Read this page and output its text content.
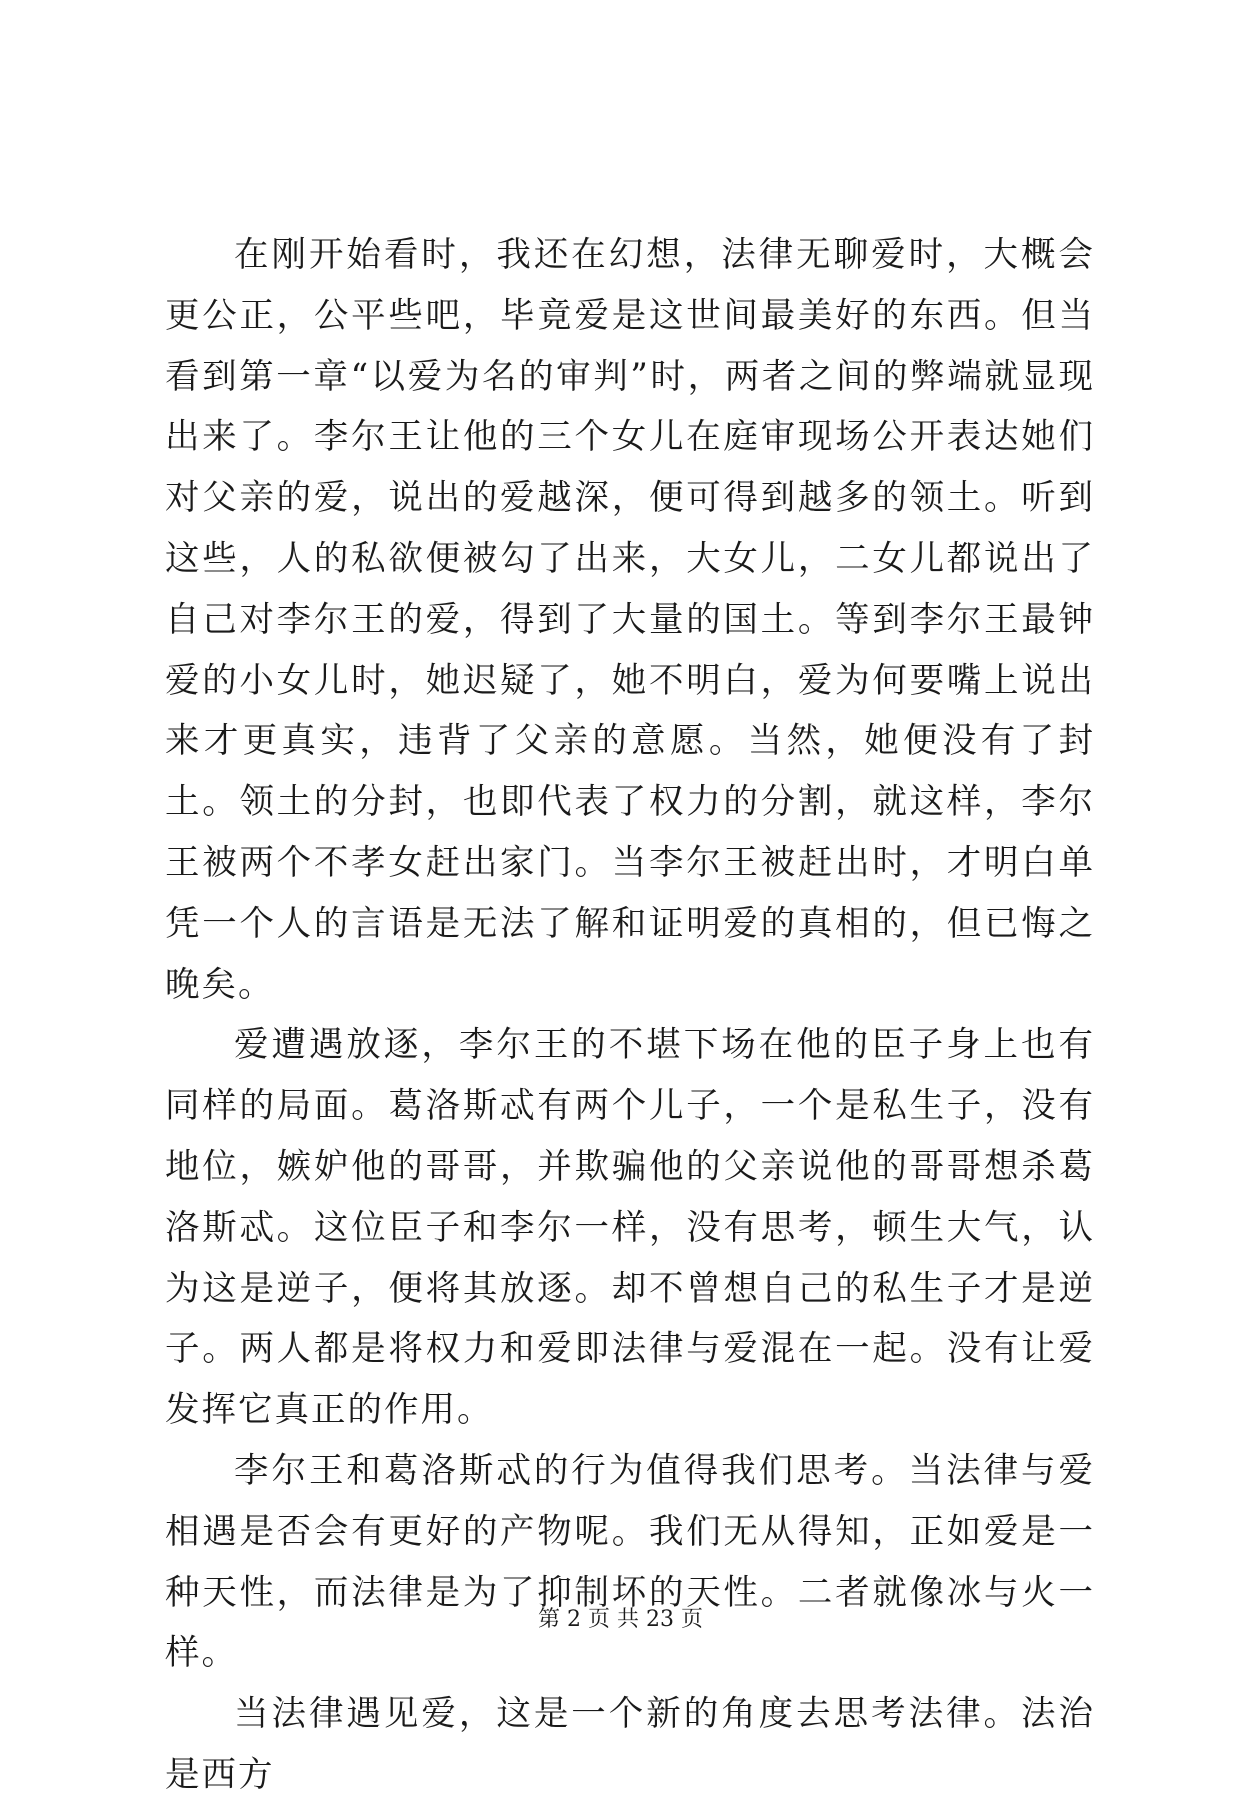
在刚开始看时，我还在幻想，法律无聊爱时，大概会更公正，公平些吧，毕竟爱是这世间最美好的东西。但当看到第一章“以爱为名的审判”时，两者之间的弊端就显现出来了。李尔王让他的三个女儿在庭审现场公开表达她们对父亲的爱，说出的爱越深，便可得到越多的领土。听到这些，人的私欲便被勾了出来，大女儿，二女儿都说出了自己对李尔王的爱，得到了大量的国土。等到李尔王最钟爱的小女儿时，她迟疑了，她不明白，爱为何要嘴上说出来才更真实，违背了父亲的意愿。当然，她便没有了封土。领土的分封，也即代表了权力的分割，就这样，李尔王被两个不孝女赶出家门。当李尔王被赶出时，才明白单凭一个人的言语是无法了解和证明爱的真相的，但已悔之晚矣。

爱遭遇放逐，李尔王的不堪下场在他的臣子身上也有同样的局面。葛洛斯忒有两个儿子，一个是私生子，没有地位，嫉妒他的哥哥，并欺骗他的父亲说他的哥哥想杀葛洛斯忒。这位臣子和李尔一样，没有思考，顿生大气，认为这是逆子，便将其放逐。却不曾想自己的私生子才是逆子。两人都是将权力和爱即法律与爱混在一起。没有让爱发挥它真正的作用。

李尔王和葛洛斯忒的行为值得我们思考。当法律与爱相遇是否会有更好的产物呢。我们无从得知，正如爱是一种天性，而法律是为了抑制坏的天性。二者就像冰与火一样。

当法律遇见爱，这是一个新的角度去思考法律。法治是西方

第 2 页 共 23 页
